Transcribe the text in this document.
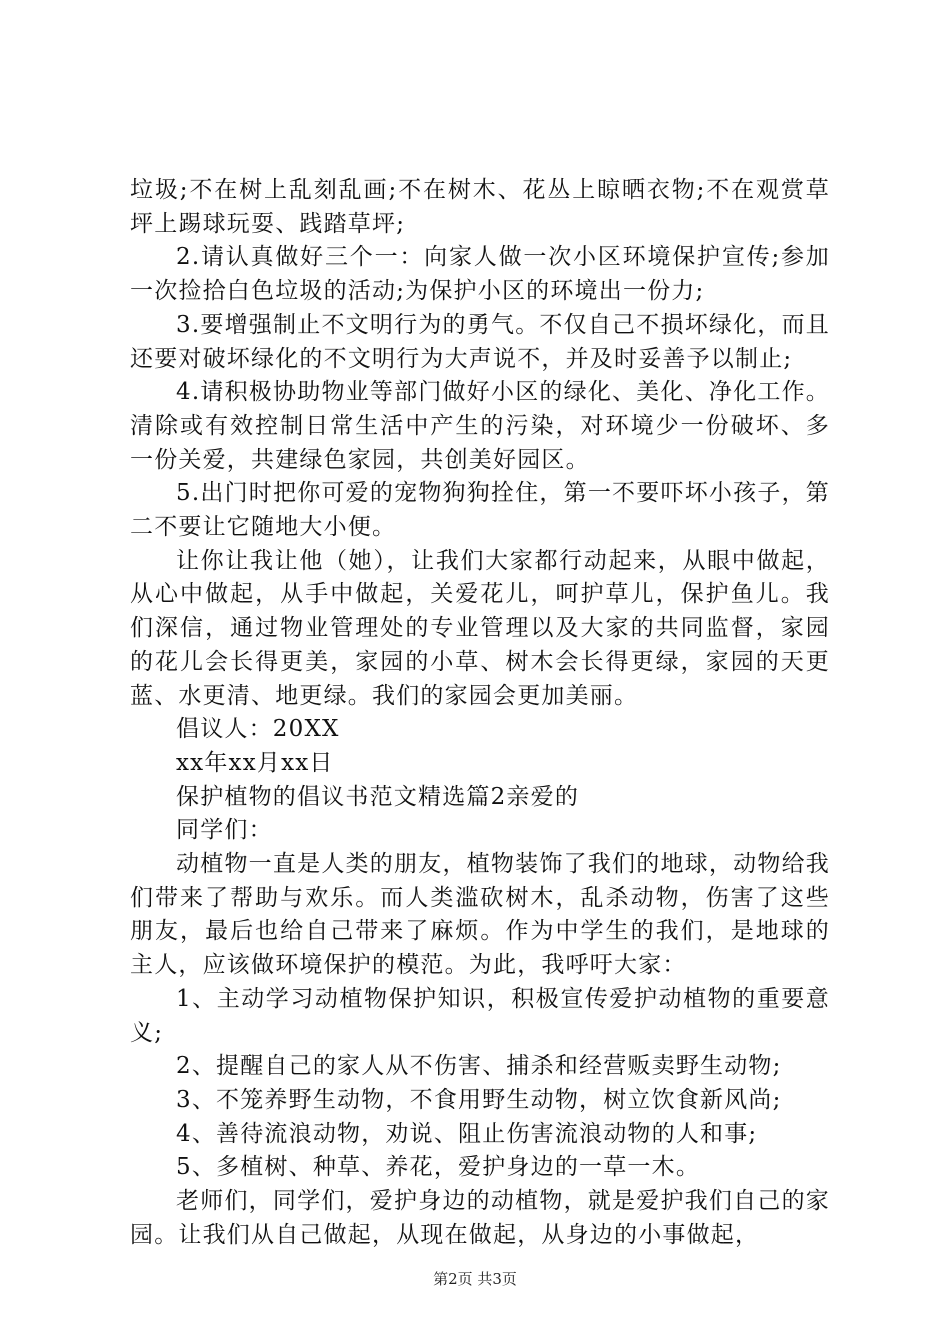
垃圾;不在树上乱刻乱画;不在树木、花丛上晾晒衣物;不在观赏草坪上踢球玩耍、践踏草坪;

2.请认真做好三个一：向家人做一次小区环境保护宣传;参加一次捡拾白色垃圾的活动;为保护小区的环境出一份力;

3.要增强制止不文明行为的勇气。不仅自己不损坏绿化，而且还要对破坏绿化的不文明行为大声说不，并及时妥善予以制止;

4.请积极协助物业等部门做好小区的绿化、美化、净化工作。清除或有效控制日常生活中产生的污染，对环境少一份破坏、多一份关爱，共建绿色家园，共创美好园区。

5.出门时把你可爱的宠物狗狗拴住，第一不要吓坏小孩子，第二不要让它随地大小便。

让你让我让他（她），让我们大家都行动起来，从眼中做起，从心中做起，从手中做起，关爱花儿，呵护草儿，保护鱼儿。我们深信，通过物业管理处的专业管理以及大家的共同监督，家园的花儿会长得更美，家园的小草、树木会长得更绿，家园的天更蓝、水更清、地更绿。我们的家园会更加美丽。

倡议人：20XX

xx年xx月xx日

保护植物的倡议书范文精选篇2亲爱的

同学们：

动植物一直是人类的朋友，植物装饰了我们的地球，动物给我们带来了帮助与欢乐。而人类滥砍树木，乱杀动物，伤害了这些朋友，最后也给自己带来了麻烦。作为中学生的我们，是地球的主人，应该做环境保护的模范。为此，我呼吁大家：

1、主动学习动植物保护知识，积极宣传爱护动植物的重要意义;

2、提醒自己的家人从不伤害、捕杀和经营贩卖野生动物;

3、不笼养野生动物，不食用野生动物，树立饮食新风尚;

4、善待流浪动物，劝说、阻止伤害流浪动物的人和事;

5、多植树、种草、养花，爱护身边的一草一木。

老师们，同学们，爱护身边的动植物，就是爱护我们自己的家园。让我们从自己做起，从现在做起，从身边的小事做起，

第2页 共3页
